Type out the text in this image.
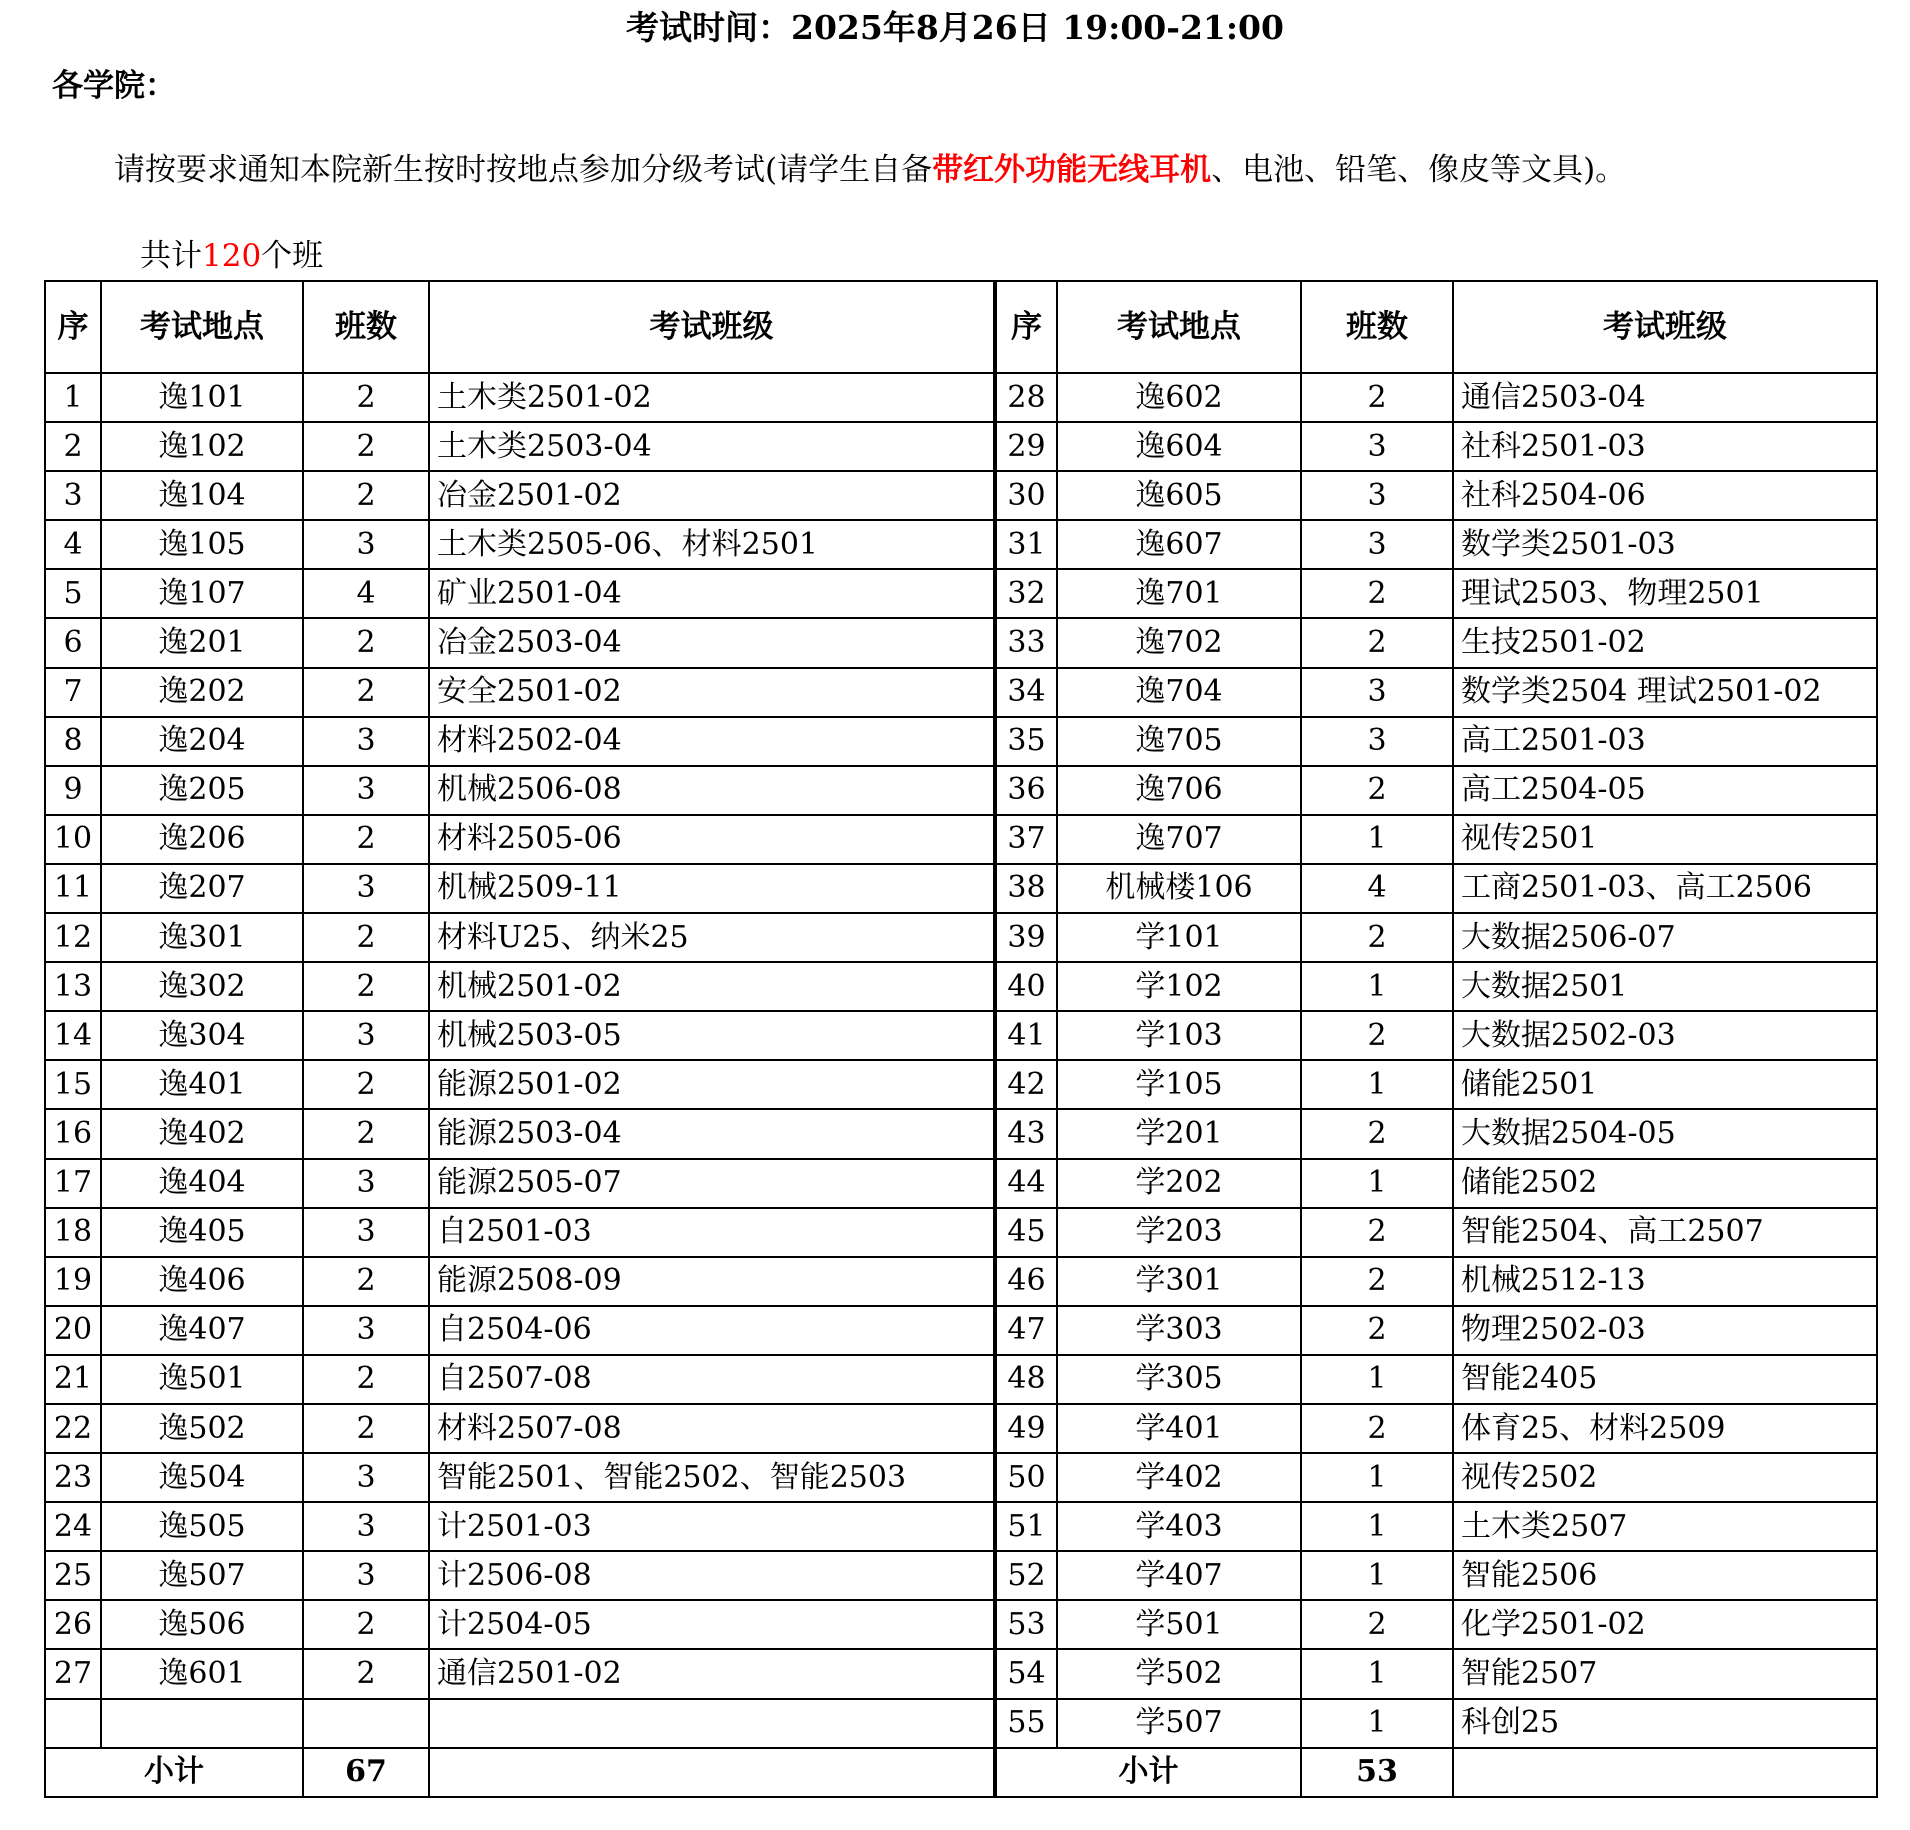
考试时间：2025年8月26日 19:00-21:00
各学院：
请按要求通知本院新生按时按地点参加分级考试(请学生自备带红外功能无线耳机、电池、铅笔、像皮等文具)。
共计120个班
序	考试地点	班数	考试班级	序	考试地点	班数	考试班级
1	逸101	2	土木类2501-02	28	逸602	2	通信2503-04
2	逸102	2	土木类2503-04	29	逸604	3	社科2501-03
3	逸104	2	冶金2501-02	30	逸605	3	社科2504-06
4	逸105	3	土木类2505-06、材料2501	31	逸607	3	数学类2501-03
5	逸107	4	矿业2501-04	32	逸701	2	理试2503、物理2501
6	逸201	2	冶金2503-04	33	逸702	2	生技2501-02
7	逸202	2	安全2501-02	34	逸704	3	数学类2504 理试2501-02
8	逸204	3	材料2502-04	35	逸705	3	高工2501-03
9	逸205	3	机械2506-08	36	逸706	2	高工2504-05
10	逸206	2	材料2505-06	37	逸707	1	视传2501
11	逸207	3	机械2509-11	38	机械楼106	4	工商2501-03、高工2506
12	逸301	2	材料U25、纳米25	39	学101	2	大数据2506-07
13	逸302	2	机械2501-02	40	学102	1	大数据2501
14	逸304	3	机械2503-05	41	学103	2	大数据2502-03
15	逸401	2	能源2501-02	42	学105	1	储能2501
16	逸402	2	能源2503-04	43	学201	2	大数据2504-05
17	逸404	3	能源2505-07	44	学202	1	储能2502
18	逸405	3	自2501-03	45	学203	2	智能2504、高工2507
19	逸406	2	能源2508-09	46	学301	2	机械2512-13
20	逸407	3	自2504-06	47	学303	2	物理2502-03
21	逸501	2	自2507-08	48	学305	1	智能2405
22	逸502	2	材料2507-08	49	学401	2	体育25、材料2509
23	逸504	3	智能2501、智能2502、智能2503	50	学402	1	视传2502
24	逸505	3	计2501-03	51	学403	1	土木类2507
25	逸507	3	计2506-08	52	学407	1	智能2506
26	逸506	2	计2504-05	53	学501	2	化学2501-02
27	逸601	2	通信2501-02	54	学502	1	智能2507
				55	学507	1	科创25
小计		67		小计		53	
